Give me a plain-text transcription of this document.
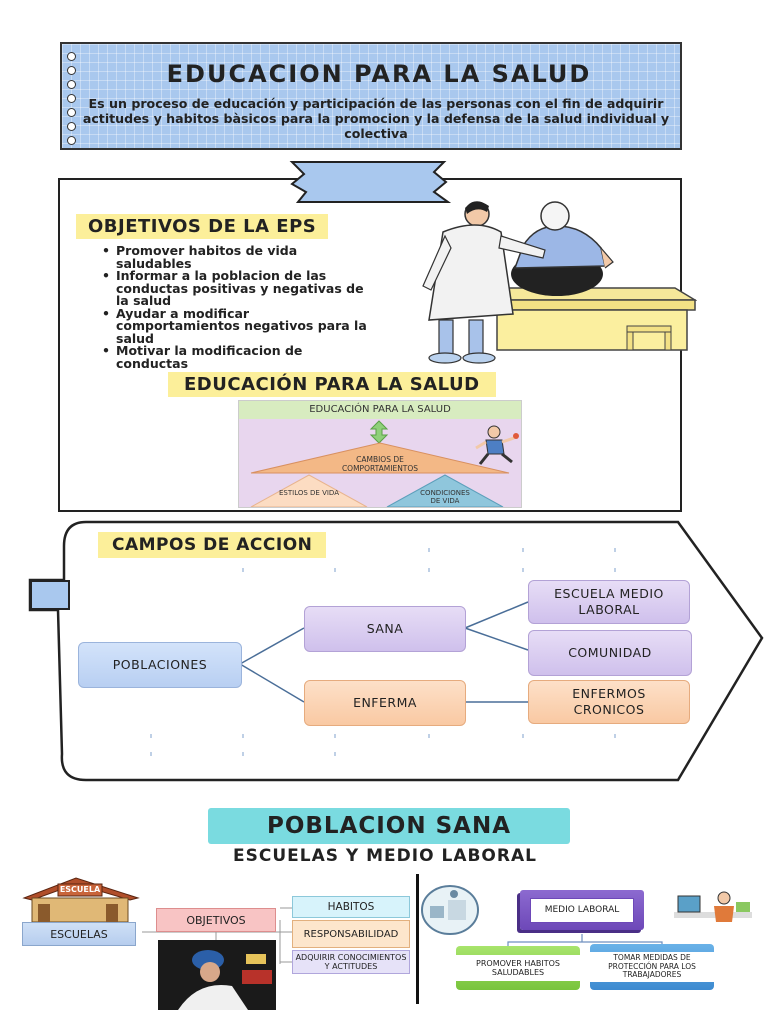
EDUCACION PARA LA SALUD
Es un proceso de educación y participación de las personas con el fin de adquirir actitudes y habitos bàsicos para la promocion y la defensa de la salud individual y colectiva
OBJETIVOS DE LA EPS
• Promover habitos de vida saludables
• Informar a la poblacion de las conductas positivas y negativas de la salud
• Ayudar a modificar comportamientos negativos para la salud
• Motivar la modificacion de conductas
EDUCACIÓN PARA LA SALUD
EDUCACIÓN PARA LA SALUD
CAMBIOS DE COMPORTAMIENTOS
ESTILOS DE VIDA	CONDICIONES DE VIDA
CAMPOS DE ACCION
POBLACIONES
SANA
ENFERMA
ESCUELA MEDIO LABORAL
COMUNIDAD
ENFERMOS CRONICOS
POBLACION SANA
ESCUELAS Y MEDIO LABORAL
ESCUELA
ESCUELAS
OBJETIVOS
HABITOS
RESPONSABILIDAD
ADQUIRIR CONOCIMIENTOS Y ACTITUDES
MEDIO LABORAL
PROMOVER HABITOS SALUDABLES
TOMAR MEDIDAS DE PROTECCIÓN PARA LOS TRABAJADORES
